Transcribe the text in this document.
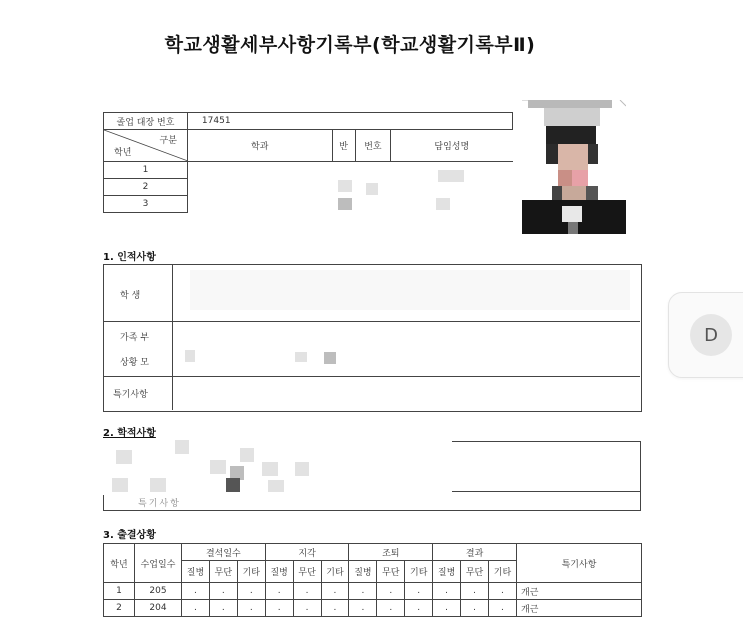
학교생활세부사항기록부(학교생활기록부Ⅱ)
졸업 대장 번호	17451			

구분
학년	학과	반	번호	담임성명
1				
2				
3				
1. 인적사항
학 생
가족 부
상황 모
특기사항
2. 학적사항
특기사항
3. 출결상황
학년	수업일수	결석일수			지각			조퇴			결과			특기사항
		질병	무단	기타	질병	무단	기타	질병	무단	기타	질병	무단	기타	
1	205	.	.	.	.	.	.	.	.	.	.	.	.	개근
2	204	.	.	.	.	.	.	.	.	.	.	.	.	개근
D
